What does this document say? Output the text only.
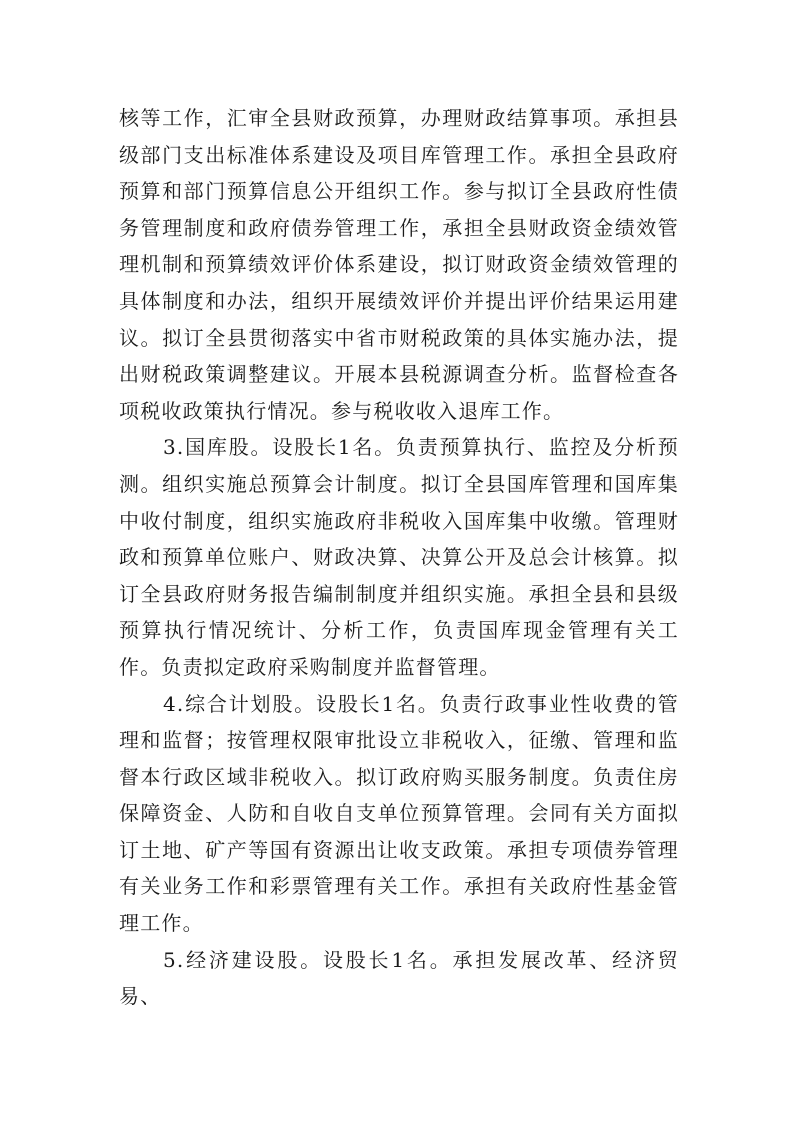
核等工作，汇审全县财政预算，办理财政结算事项。承担县级部门支出标准体系建设及项目库管理工作。承担全县政府预算和部门预算信息公开组织工作。参与拟订全县政府性债务管理制度和政府债券管理工作，承担全县财政资金绩效管理机制和预算绩效评价体系建设，拟订财政资金绩效管理的具体制度和办法，组织开展绩效评价并提出评价结果运用建议。拟订全县贯彻落实中省市财税政策的具体实施办法，提出财税政策调整建议。开展本县税源调查分析。监督检查各项税收政策执行情况。参与税收收入退库工作。

3.国库股。设股长1名。负责预算执行、监控及分析预测。组织实施总预算会计制度。拟订全县国库管理和国库集中收付制度，组织实施政府非税收入国库集中收缴。管理财政和预算单位账户、财政决算、决算公开及总会计核算。拟订全县政府财务报告编制制度并组织实施。承担全县和县级预算执行情况统计、分析工作，负责国库现金管理有关工作。负责拟定政府采购制度并监督管理。

4.综合计划股。设股长1名。负责行政事业性收费的管理和监督；按管理权限审批设立非税收入，征缴、管理和监督本行政区域非税收入。拟订政府购买服务制度。负责住房保障资金、人防和自收自支单位预算管理。会同有关方面拟订土地、矿产等国有资源出让收支政策。承担专项债券管理有关业务工作和彩票管理有关工作。承担有关政府性基金管理工作。

5.经济建设股。设股长1名。承担发展改革、经济贸易、
